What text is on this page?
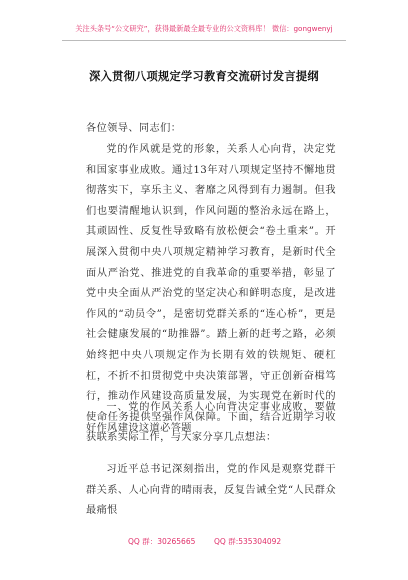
关注头条号“公文研究”，获得最新最全最专业的公文资料库！ 微信：gongwenyj
深入贯彻八项规定学习教育交流研讨发言提纲
各位领导、同志们：
党的作风就是党的形象，关系人心向背，决定党和国家事业成败。通过13年对八项规定坚持不懈地贯彻落实下，享乐主义、奢靡之风得到有力遏制。但我们也要清醒地认识到，作风问题的整治永远在路上，其顽固性、反复性导致略有放松便会“卷土重来”。开展深入贯彻中央八项规定精神学习教育，是新时代全面从严治党、推进党的自我革命的重要举措，彰显了党中央全面从严治党的坚定决心和鲜明态度，是改进作风的“动员令”，是密切党群关系的“连心桥”，更是社会健康发展的“助推器”。踏上新的赶考之路，必须始终把中央八项规定作为长期有效的铁规矩、硬杠杠，不折不扣贯彻党中央决策部署，守正创新奋楫笃行，推动作风建设高质量发展，为实现党在新时代的使命任务提供坚强作风保障。下面，结合近期学习收获联系实际工作，与大家分享几点想法：
一、党的作风关系人心向背决定事业成败，要做好作风建设这道必答题
习近平总书记深刻指出，党的作风是观察党群干群关系、人心向背的晴雨表，反复告诫全党“人民群众最痛恨
QQ 群：30265665 QQ 群:535304092
